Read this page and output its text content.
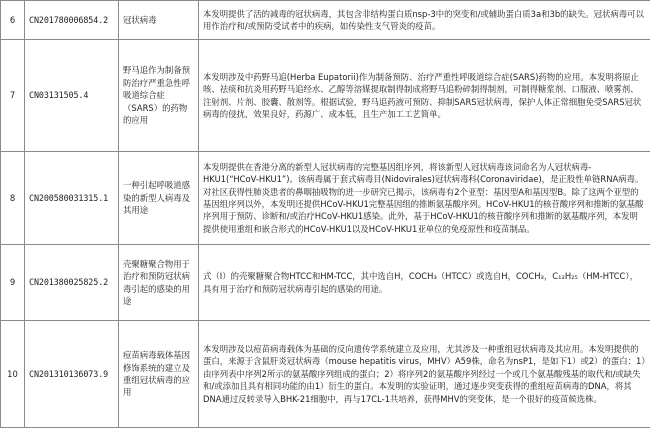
6	CN201780006854.2	冠状病毒	本发明提供了活的减毒的冠状病毒，其包含非结构蛋白质nsp-3中的突变和/或辅助蛋白质3a和3b的缺失。冠状病毒可以用作治疗和/或预防受试者中的疾病，如传染性支气管炎的疫苗。
7	CN03131505.4	野马追作为制备预防治疗严重急性呼吸道综合症（SARS）的药物的应用	本发明涉及中药野马追(Herba Eupatorii)作为制备预防、治疗严重性呼吸道综合症(SARS)药物的应用。本发明将原止咳、祛痰和抗炎用药野马追经水、乙醇等溶媒提取制得制成将野马追粉碎制得制剂，可制得糖浆剂、口服液、喷雾剂、注射剂、片剂、胶囊、散剂等。根据试验，野马追药液可预防、抑制SARS冠状病毒，保护人体正常细胞免受SARS冠状病毒的侵扰，效果良好，药源广、成本低，且生产加工工艺简单。
8	CN200580031315.1	一种引起呼吸道感染的新型人病毒及其用途	本发明提供在香港分离的新型人冠状病毒的完整基因组序列，将该新型人冠状病毒该词命名为人冠状病毒-HKU1(“HCoV-HKU1”)。该病毒属于套式病毒目(Nidovirales)冠状病毒科(Coronaviridae)，是正股性单链RNA病毒。对社区获得性肺炎患者的鼻咽抽吸物的进一步研究已揭示，该病毒有2个亚型：基因型A和基因型B。除了这两个亚型的基因组序列以外，本发明还提供HCoV-HKU1完整基因组的推断氨基酸序列。HCoV-HKU1的核苷酸序列和推断的氨基酸序列用于预防、诊断和/或治疗HCoV-HKU1感染。此外，基于HCoV-HKU1的核苷酸序列和推断的氨基酸序列，本发明提供使用重组和嵌合形式的HCoV-HKU1以及HCoV-HKU1亚单位的免疫原性和疫苗制品。
9	CN201380025825.2	壳聚糖聚合物用于治疗和预防冠状病毒引起的感染的用途	式（I）的壳聚糖聚合物HTCC和HM-TCC，其中选自H，COCH₃（HTCC）或选自H，COCH₃，C₁₂H₂₅（HM-HTCC），具有用于治疗和预防冠状病毒引起的感染的用途。
10	CN201310136073.9	痘苗病毒载体基因修饰系统的建立及重组冠状病毒的应用	本发明涉及以痘苗病毒载体为基础的反向遗传学系统建立及应用，尤其涉及一种重组冠状病毒及其应用。本发明提供的蛋白，来源于含鼠肝炎冠状病毒（mouse hepatitis virus，MHV）A59株，命名为nsP1，是如下1）或2）的蛋白：1）由序列表中序列2所示的氨基酸序列组成的蛋白；2）将序列2的氨基酸序列经过一个或几个氨基酸残基的取代和/或缺失和/或添加且具有相同功能的由1）衍生的蛋白。本发明的实验证明，通过逐步突变获得的重组痘苗病毒的DNA，将其DNA通过反转录导入BHK-21细胞中，再与17CL-1共培养，获得MHV的突变体，是一个很好的疫苗候选株。
